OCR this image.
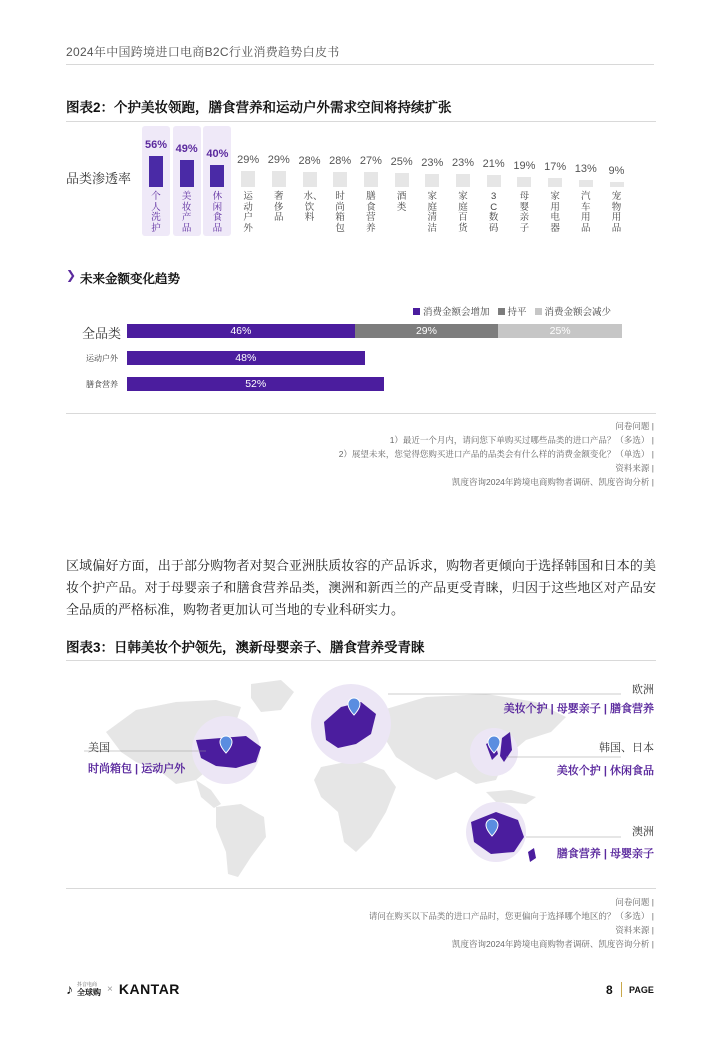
2024年中国跨境进口电商B2C行业消费趋势白皮书
图表2：个护美妆领跑，膳食营养和运动户外需求空间将持续扩张
品类渗透率
56%
个人洗护
49%
美妆产品
40%
休闲食品
29%
运动户外
29%
奢侈品
28%
水、饮料
28%
时尚箱包
27%
膳食营养
25%
酒类
23%
家庭清洁
23%
家庭百货
21%
3C数码
19%
母婴亲子
17%
家用电器
13%
汽车用品
9%
宠物用品
❯ 未来金额变化趋势
消费金额会增加 持平 消费金额会减少
全品类
运动户外
膳食营养
46%	29%	25%
48%
52%
问卷问题 |
1）最近一个月内，请问您下单购买过哪些品类的进口产品？（多选） |
2）展望未来，您觉得您购买进口产品的品类会有什么样的消费金额变化？（单选） |
资料来源 |
凯度咨询2024年跨境电商购物者调研、凯度咨询分析 |
区域偏好方面，出于部分购物者对契合亚洲肤质妆容的产品诉求，购物者更倾向于选择韩国和日本的美妆个护产品。对于母婴亲子和膳食营养品类，澳洲和新西兰的产品更受青睐，归因于这些地区对产品安全品质的严格标准，购物者更加认可当地的专业科研实力。
图表3：日韩美妆个护领先，澳新母婴亲子、膳食营养受青睐
欧洲
美妆个护 | 母婴亲子 | 膳食营养
美国
时尚箱包 | 运动户外
韩国、日本
美妆个护 | 休闲食品
澳洲
膳食营养 | 母婴亲子
问卷问题 |
请问在购买以下品类的进口产品时，您更偏向于选择哪个地区的？（多选） |
资料来源 |
凯度咨询2024年跨境电商购物者调研、凯度咨询分析 |
♪ 抖音电商
全球购 × KANTAR	8 PAGE
